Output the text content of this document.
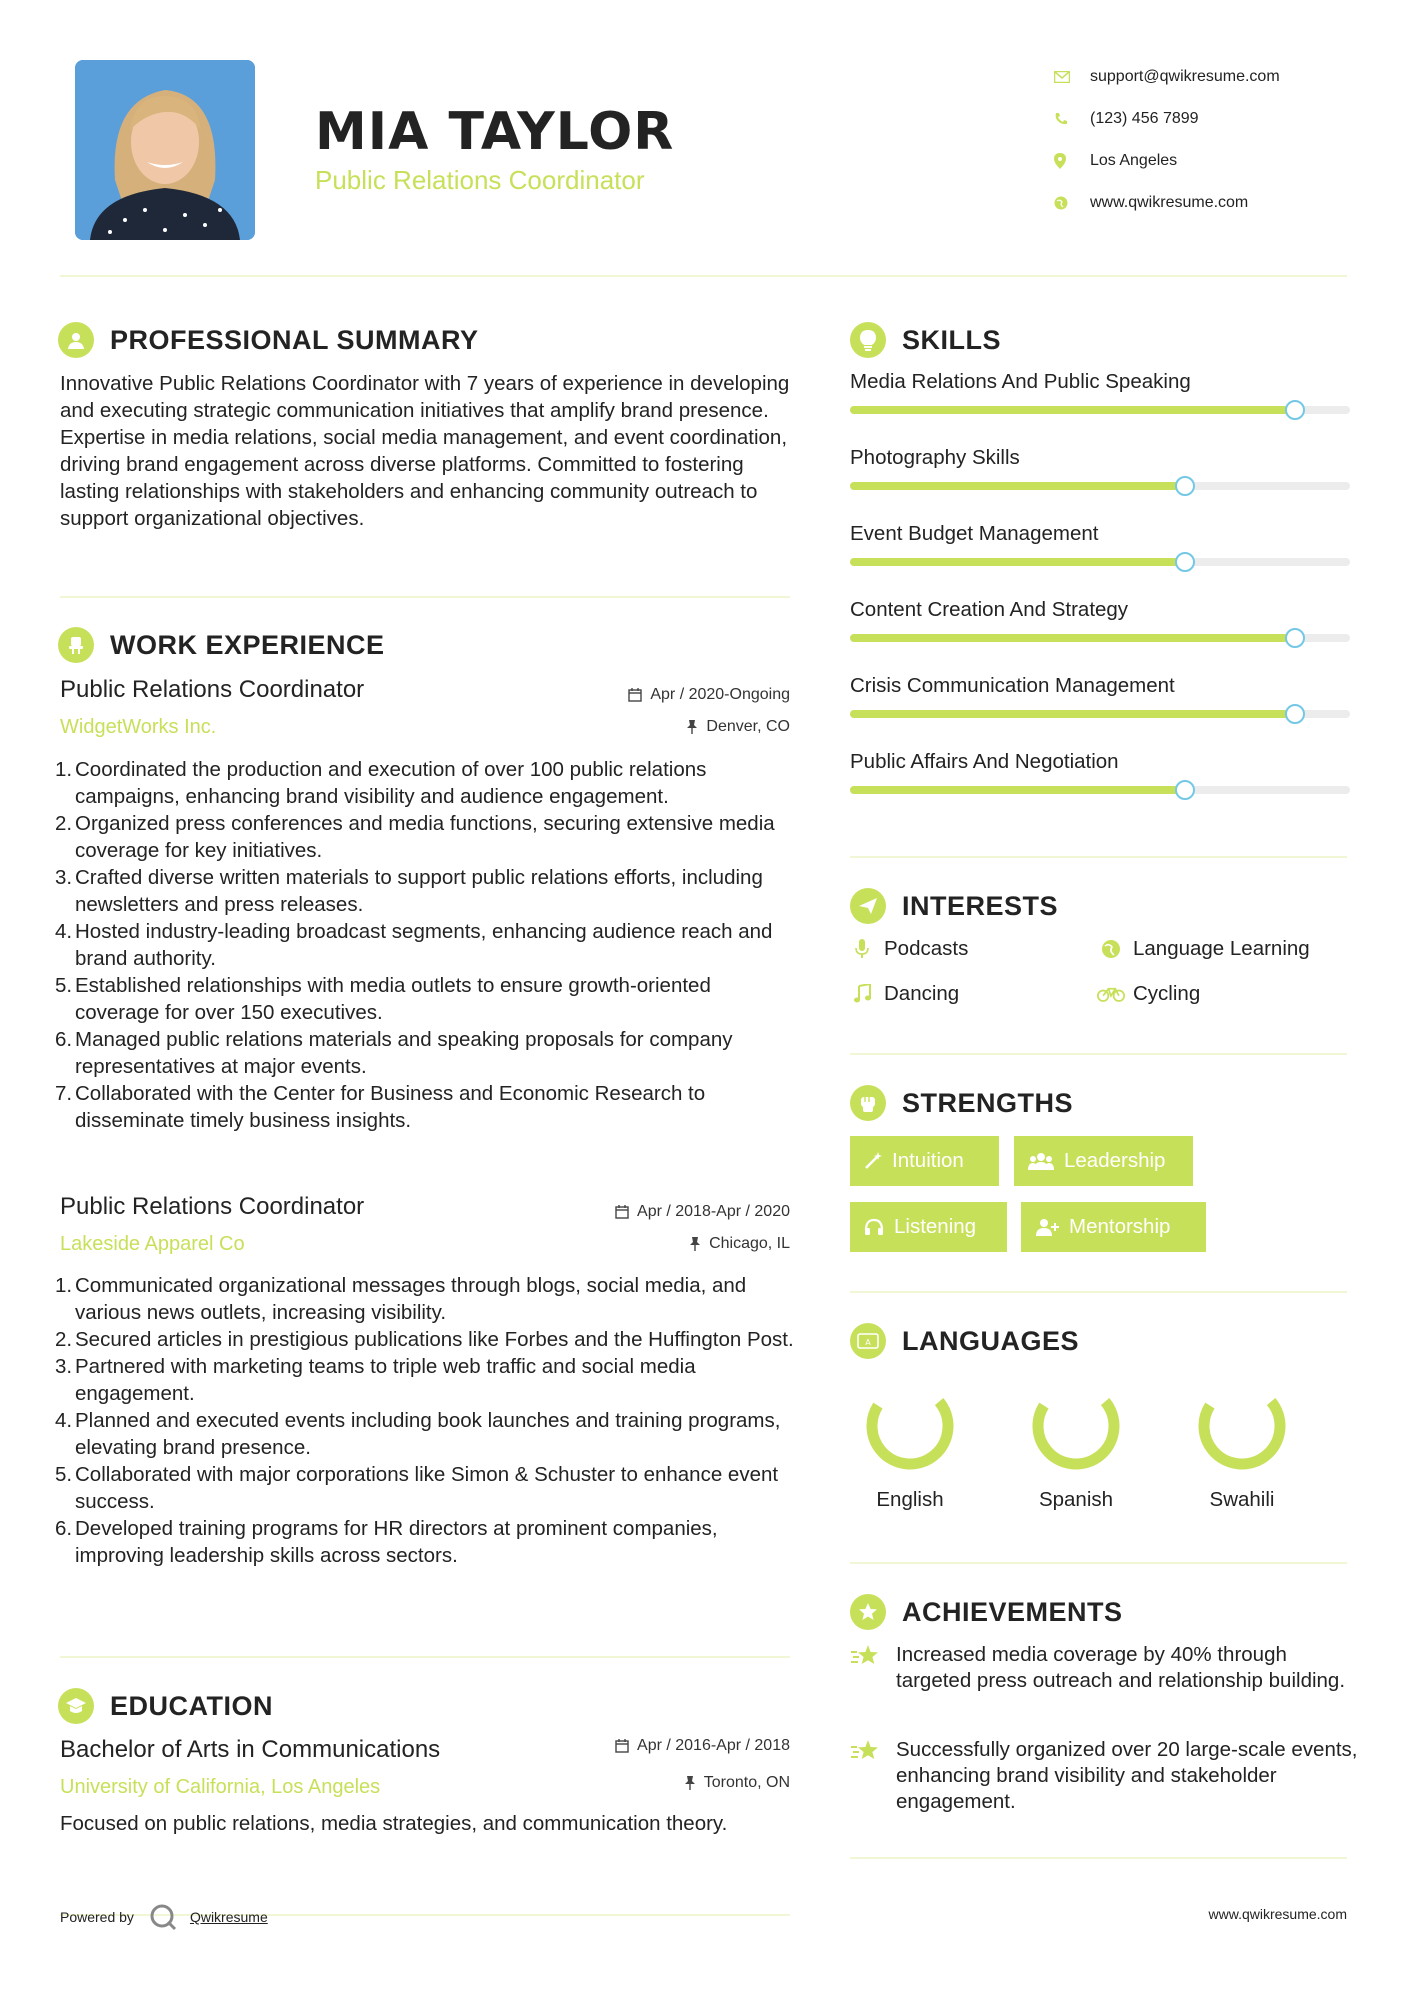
MIA TAYLOR
Public Relations Coordinator
support@qwikresume.com
(123) 456 7899
Los Angeles
www.qwikresume.com
PROFESSIONAL SUMMARY
Innovative Public Relations Coordinator with 7 years of experience in developing and executing strategic communication initiatives that amplify brand presence. Expertise in media relations, social media management, and event coordination, driving brand engagement across diverse platforms. Committed to fostering lasting relationships with stakeholders and enhancing community outreach to support organizational objectives.
WORK EXPERIENCE
Public Relations Coordinator
WidgetWorks Inc.
Apr / 2020-Ongoing
Denver, CO
1. Coordinated the production and execution of over 100 public relations campaigns, enhancing brand visibility and audience engagement.
2. Organized press conferences and media functions, securing extensive media coverage for key initiatives.
3. Crafted diverse written materials to support public relations efforts, including newsletters and press releases.
4. Hosted industry-leading broadcast segments, enhancing audience reach and brand authority.
5. Established relationships with media outlets to ensure growth-oriented coverage for over 150 executives.
6. Managed public relations materials and speaking proposals for company representatives at major events.
7. Collaborated with the Center for Business and Economic Research to disseminate timely business insights.
Public Relations Coordinator
Lakeside Apparel Co
Apr / 2018-Apr / 2020
Chicago, IL
1. Communicated organizational messages through blogs, social media, and various news outlets, increasing visibility.
2. Secured articles in prestigious publications like Forbes and the Huffington Post.
3. Partnered with marketing teams to triple web traffic and social media engagement.
4. Planned and executed events including book launches and training programs, elevating brand presence.
5. Collaborated with major corporations like Simon & Schuster to enhance event success.
6. Developed training programs for HR directors at prominent companies, improving leadership skills across sectors.
EDUCATION
Bachelor of Arts in Communications
University of California, Los Angeles
Apr / 2016-Apr / 2018
Toronto, ON
Focused on public relations, media strategies, and communication theory.
SKILLS
Media Relations And Public Speaking
Photography Skills
Event Budget Management
Content Creation And Strategy
Crisis Communication Management
Public Affairs And Negotiation
INTERESTS
Podcasts	Language Learning
Dancing	Cycling
STRENGTHS
Intuition	Leadership
Listening	Mentorship
A LANGUAGES
English	Spanish	Swahili
ACHIEVEMENTS
Increased media coverage by 40% through targeted press outreach and relationship building.
Successfully organized over 20 large-scale events, enhancing brand visibility and stakeholder engagement.
Powered by	Qwikresume	www.qwikresume.com
